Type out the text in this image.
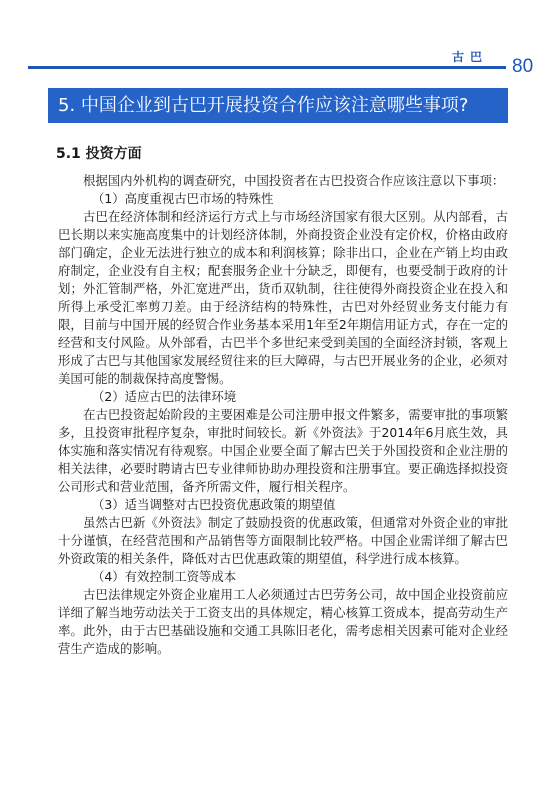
古巴 80
5. 中国企业到古巴开展投资合作应该注意哪些事项?
5.1 投资方面

根据国内外机构的调查研究，中国投资者在古巴投资合作应该注意以下事项：

（1）高度重视古巴市场的特殊性

古巴在经济体制和经济运行方式上与市场经济国家有很大区别。从内部看，古巴长期以来实施高度集中的计划经济体制，外商投资企业没有定价权，价格由政府部门确定，企业无法进行独立的成本和利润核算；除非出口，企业在产销上均由政府制定，企业没有自主权；配套服务企业十分缺乏，即便有，也要受制于政府的计划；外汇管制严格，外汇宽进严出，货币双轨制，往往使得外商投资企业在投入和所得上承受汇率剪刀差。由于经济结构的特殊性，古巴对外经贸业务支付能力有限，目前与中国开展的经贸合作业务基本采用1年至2年期信用证方式，存在一定的经营和支付风险。从外部看，古巴半个多世纪来受到美国的全面经济封锁，客观上形成了古巴与其他国家发展经贸往来的巨大障碍，与古巴开展业务的企业，必须对美国可能的制裁保持高度警惕。

（2）适应古巴的法律环境

在古巴投资起始阶段的主要困难是公司注册申报文件繁多，需要审批的事项繁多，且投资审批程序复杂，审批时间较长。新《外资法》于2014年6月底生效，具体实施和落实情况有待观察。中国企业要全面了解古巴关于外国投资和企业注册的相关法律，必要时聘请古巴专业律师协助办理投资和注册事宜。要正确选择拟投资公司形式和营业范围，备齐所需文件，履行相关程序。

（3）适当调整对古巴投资优惠政策的期望值

虽然古巴新《外资法》制定了鼓励投资的优惠政策，但通常对外资企业的审批十分谨慎，在经营范围和产品销售等方面限制比较严格。中国企业需详细了解古巴外资政策的相关条件，降低对古巴优惠政策的期望值，科学进行成本核算。

（4）有效控制工资等成本

古巴法律规定外资企业雇用工人必须通过古巴劳务公司，故中国企业投资前应详细了解当地劳动法关于工资支出的具体规定，精心核算工资成本，提高劳动生产率。此外，由于古巴基础设施和交通工具陈旧老化，需考虑相关因素可能对企业经营生产造成的影响。
